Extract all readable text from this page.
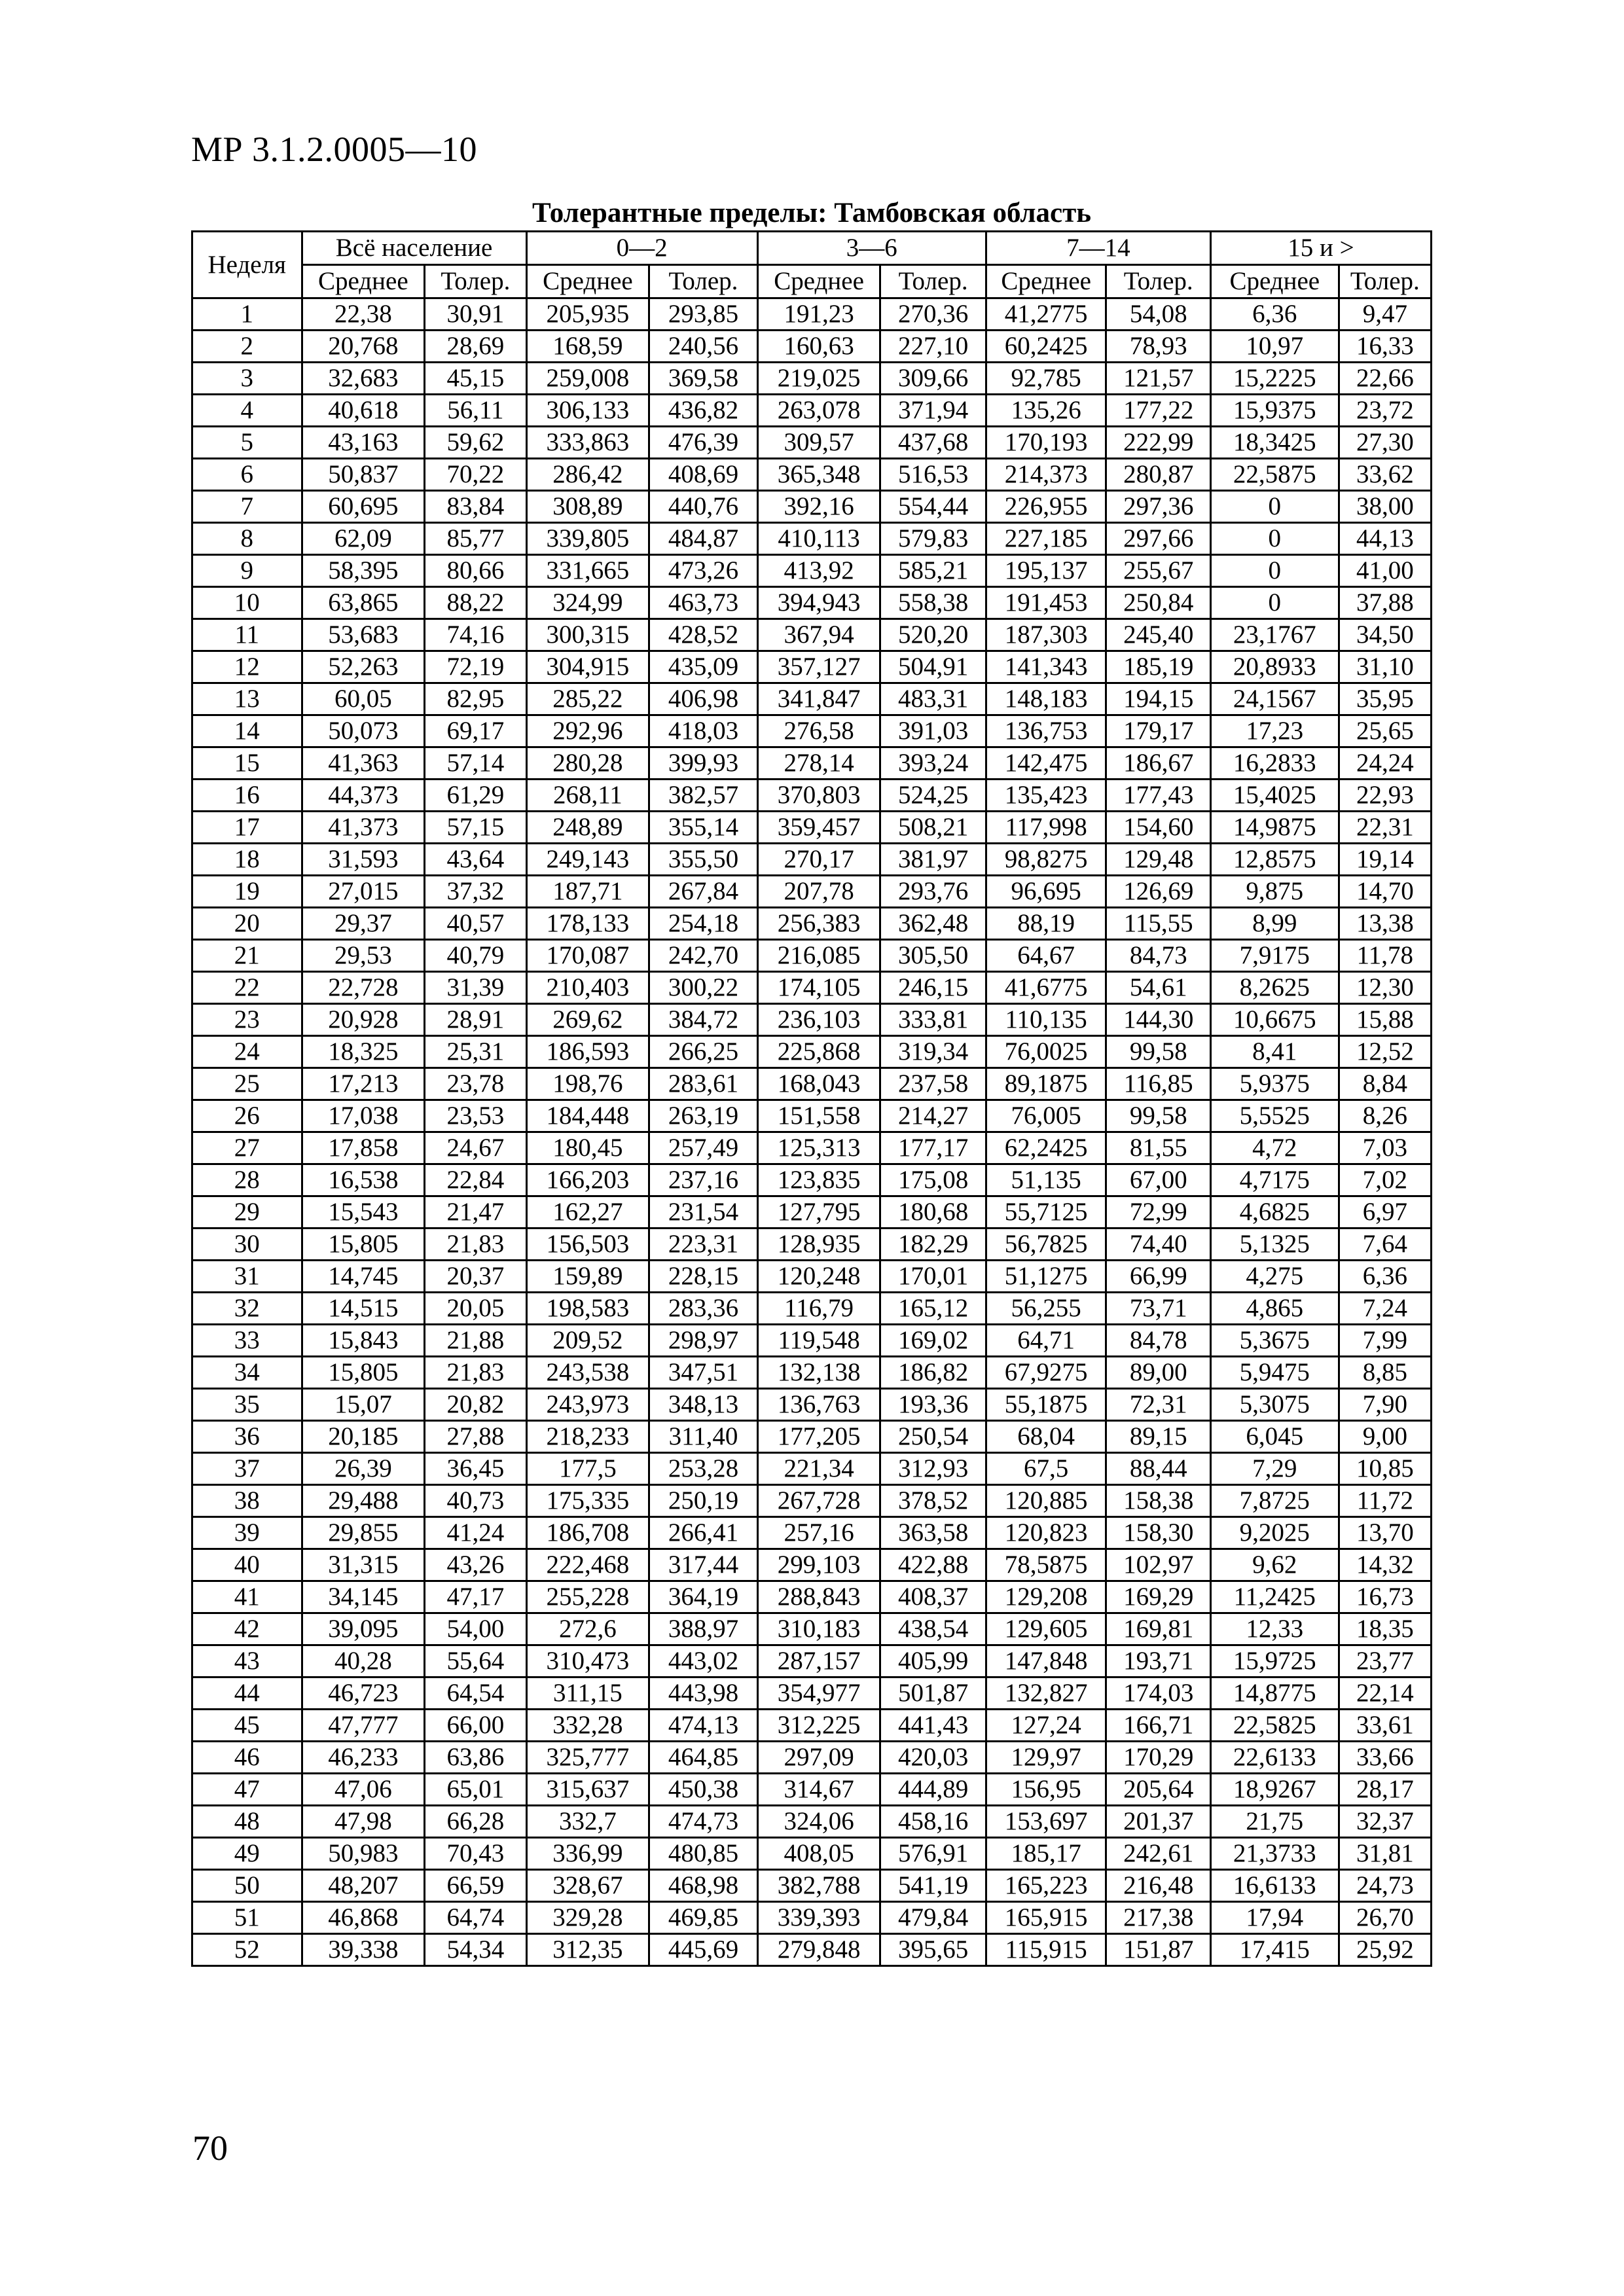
МР 3.1.2.0005—10
Толерантные пределы: Тамбовская область
Неделя	Всё население		0—2		3—6		7—14		15 и >	
	Среднее	Толер.	Среднее	Толер.	Среднее	Толер.	Среднее	Толер.	Среднее	Толер.
1	22,38	30,91	205,935	293,85	191,23	270,36	41,2775	54,08	6,36	9,47
2	20,768	28,69	168,59	240,56	160,63	227,10	60,2425	78,93	10,97	16,33
3	32,683	45,15	259,008	369,58	219,025	309,66	92,785	121,57	15,2225	22,66
4	40,618	56,11	306,133	436,82	263,078	371,94	135,26	177,22	15,9375	23,72
5	43,163	59,62	333,863	476,39	309,57	437,68	170,193	222,99	18,3425	27,30
6	50,837	70,22	286,42	408,69	365,348	516,53	214,373	280,87	22,5875	33,62
7	60,695	83,84	308,89	440,76	392,16	554,44	226,955	297,36	0	38,00
8	62,09	85,77	339,805	484,87	410,113	579,83	227,185	297,66	0	44,13
9	58,395	80,66	331,665	473,26	413,92	585,21	195,137	255,67	0	41,00
10	63,865	88,22	324,99	463,73	394,943	558,38	191,453	250,84	0	37,88
11	53,683	74,16	300,315	428,52	367,94	520,20	187,303	245,40	23,1767	34,50
12	52,263	72,19	304,915	435,09	357,127	504,91	141,343	185,19	20,8933	31,10
13	60,05	82,95	285,22	406,98	341,847	483,31	148,183	194,15	24,1567	35,95
14	50,073	69,17	292,96	418,03	276,58	391,03	136,753	179,17	17,23	25,65
15	41,363	57,14	280,28	399,93	278,14	393,24	142,475	186,67	16,2833	24,24
16	44,373	61,29	268,11	382,57	370,803	524,25	135,423	177,43	15,4025	22,93
17	41,373	57,15	248,89	355,14	359,457	508,21	117,998	154,60	14,9875	22,31
18	31,593	43,64	249,143	355,50	270,17	381,97	98,8275	129,48	12,8575	19,14
19	27,015	37,32	187,71	267,84	207,78	293,76	96,695	126,69	9,875	14,70
20	29,37	40,57	178,133	254,18	256,383	362,48	88,19	115,55	8,99	13,38
21	29,53	40,79	170,087	242,70	216,085	305,50	64,67	84,73	7,9175	11,78
22	22,728	31,39	210,403	300,22	174,105	246,15	41,6775	54,61	8,2625	12,30
23	20,928	28,91	269,62	384,72	236,103	333,81	110,135	144,30	10,6675	15,88
24	18,325	25,31	186,593	266,25	225,868	319,34	76,0025	99,58	8,41	12,52
25	17,213	23,78	198,76	283,61	168,043	237,58	89,1875	116,85	5,9375	8,84
26	17,038	23,53	184,448	263,19	151,558	214,27	76,005	99,58	5,5525	8,26
27	17,858	24,67	180,45	257,49	125,313	177,17	62,2425	81,55	4,72	7,03
28	16,538	22,84	166,203	237,16	123,835	175,08	51,135	67,00	4,7175	7,02
29	15,543	21,47	162,27	231,54	127,795	180,68	55,7125	72,99	4,6825	6,97
30	15,805	21,83	156,503	223,31	128,935	182,29	56,7825	74,40	5,1325	7,64
31	14,745	20,37	159,89	228,15	120,248	170,01	51,1275	66,99	4,275	6,36
32	14,515	20,05	198,583	283,36	116,79	165,12	56,255	73,71	4,865	7,24
33	15,843	21,88	209,52	298,97	119,548	169,02	64,71	84,78	5,3675	7,99
34	15,805	21,83	243,538	347,51	132,138	186,82	67,9275	89,00	5,9475	8,85
35	15,07	20,82	243,973	348,13	136,763	193,36	55,1875	72,31	5,3075	7,90
36	20,185	27,88	218,233	311,40	177,205	250,54	68,04	89,15	6,045	9,00
37	26,39	36,45	177,5	253,28	221,34	312,93	67,5	88,44	7,29	10,85
38	29,488	40,73	175,335	250,19	267,728	378,52	120,885	158,38	7,8725	11,72
39	29,855	41,24	186,708	266,41	257,16	363,58	120,823	158,30	9,2025	13,70
40	31,315	43,26	222,468	317,44	299,103	422,88	78,5875	102,97	9,62	14,32
41	34,145	47,17	255,228	364,19	288,843	408,37	129,208	169,29	11,2425	16,73
42	39,095	54,00	272,6	388,97	310,183	438,54	129,605	169,81	12,33	18,35
43	40,28	55,64	310,473	443,02	287,157	405,99	147,848	193,71	15,9725	23,77
44	46,723	64,54	311,15	443,98	354,977	501,87	132,827	174,03	14,8775	22,14
45	47,777	66,00	332,28	474,13	312,225	441,43	127,24	166,71	22,5825	33,61
46	46,233	63,86	325,777	464,85	297,09	420,03	129,97	170,29	22,6133	33,66
47	47,06	65,01	315,637	450,38	314,67	444,89	156,95	205,64	18,9267	28,17
48	47,98	66,28	332,7	474,73	324,06	458,16	153,697	201,37	21,75	32,37
49	50,983	70,43	336,99	480,85	408,05	576,91	185,17	242,61	21,3733	31,81
50	48,207	66,59	328,67	468,98	382,788	541,19	165,223	216,48	16,6133	24,73
51	46,868	64,74	329,28	469,85	339,393	479,84	165,915	217,38	17,94	26,70
52	39,338	54,34	312,35	445,69	279,848	395,65	115,915	151,87	17,415	25,92
70
